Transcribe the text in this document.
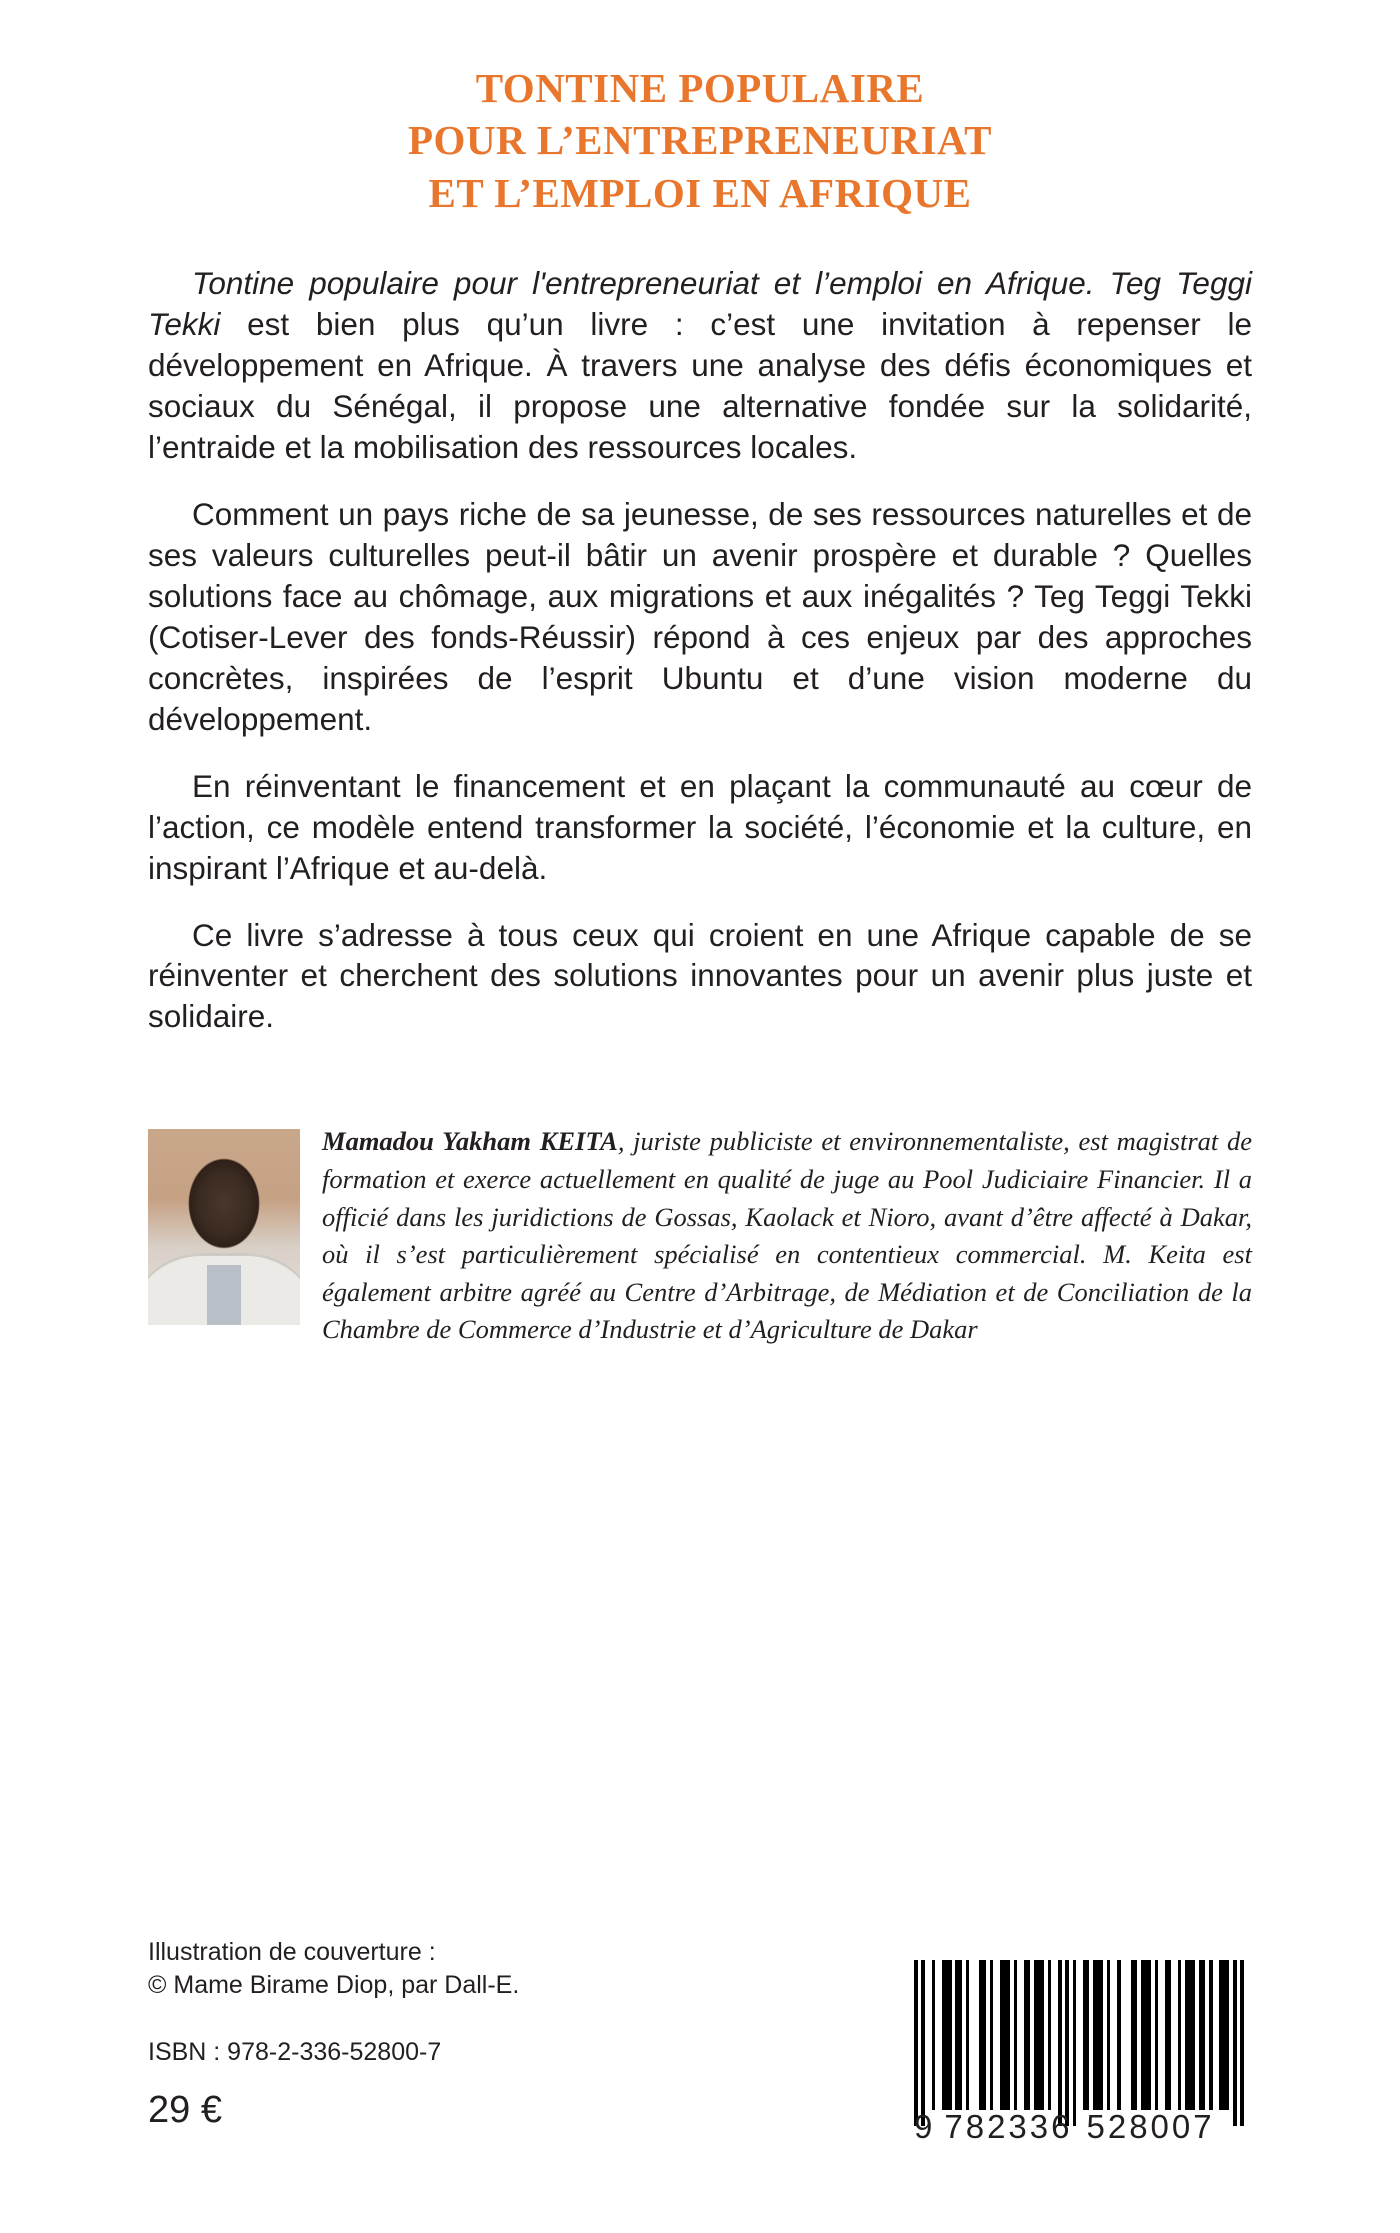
TONTINE POPULAIRE
POUR L’ENTREPRENEURIAT
ET L’EMPLOI EN AFRIQUE

Tontine populaire pour l'entrepreneuriat et l’emploi en Afrique. Teg Teggi Tekki est bien plus qu’un livre : c’est une invitation à repenser le développement en Afrique. À travers une analyse des défis économiques et sociaux du Sénégal, il propose une alternative fondée sur la solidarité, l’entraide et la mobilisation des ressources locales.

Comment un pays riche de sa jeunesse, de ses ressources naturelles et de ses valeurs culturelles peut-il bâtir un avenir prospère et durable ? Quelles solutions face au chômage, aux migrations et aux inégalités ? Teg Teggi Tekki (Cotiser-Lever des fonds-Réussir) répond à ces enjeux par des approches concrètes, inspirées de l’esprit Ubuntu et d’une vision moderne du développement.

En réinventant le financement et en plaçant la communauté au cœur de l’action, ce modèle entend transformer la société, l’économie et la culture, en inspirant l’Afrique et au-delà.

Ce livre s’adresse à tous ceux qui croient en une Afrique capable de se réinventer et cherchent des solutions innovantes pour un avenir plus juste et solidaire.

Mamadou Yakham KEITA, juriste publiciste et environnementaliste, est magistrat de formation et exerce actuellement en qualité de juge au Pool Judiciaire Financier. Il a officié dans les juridictions de Gossas, Kaolack et Nioro, avant d’être affecté à Dakar, où il s’est particulièrement spécialisé en contentieux commercial. M. Keita est également arbitre agréé au Centre d’Arbitrage, de Médiation et de Conciliation de la Chambre de Commerce d’Industrie et d’Agriculture de Dakar
Illustration de couverture :
© Mame Birame Diop, par Dall-E.
ISBN : 978-2-336-52800-7
29 €	9 782336 528007
